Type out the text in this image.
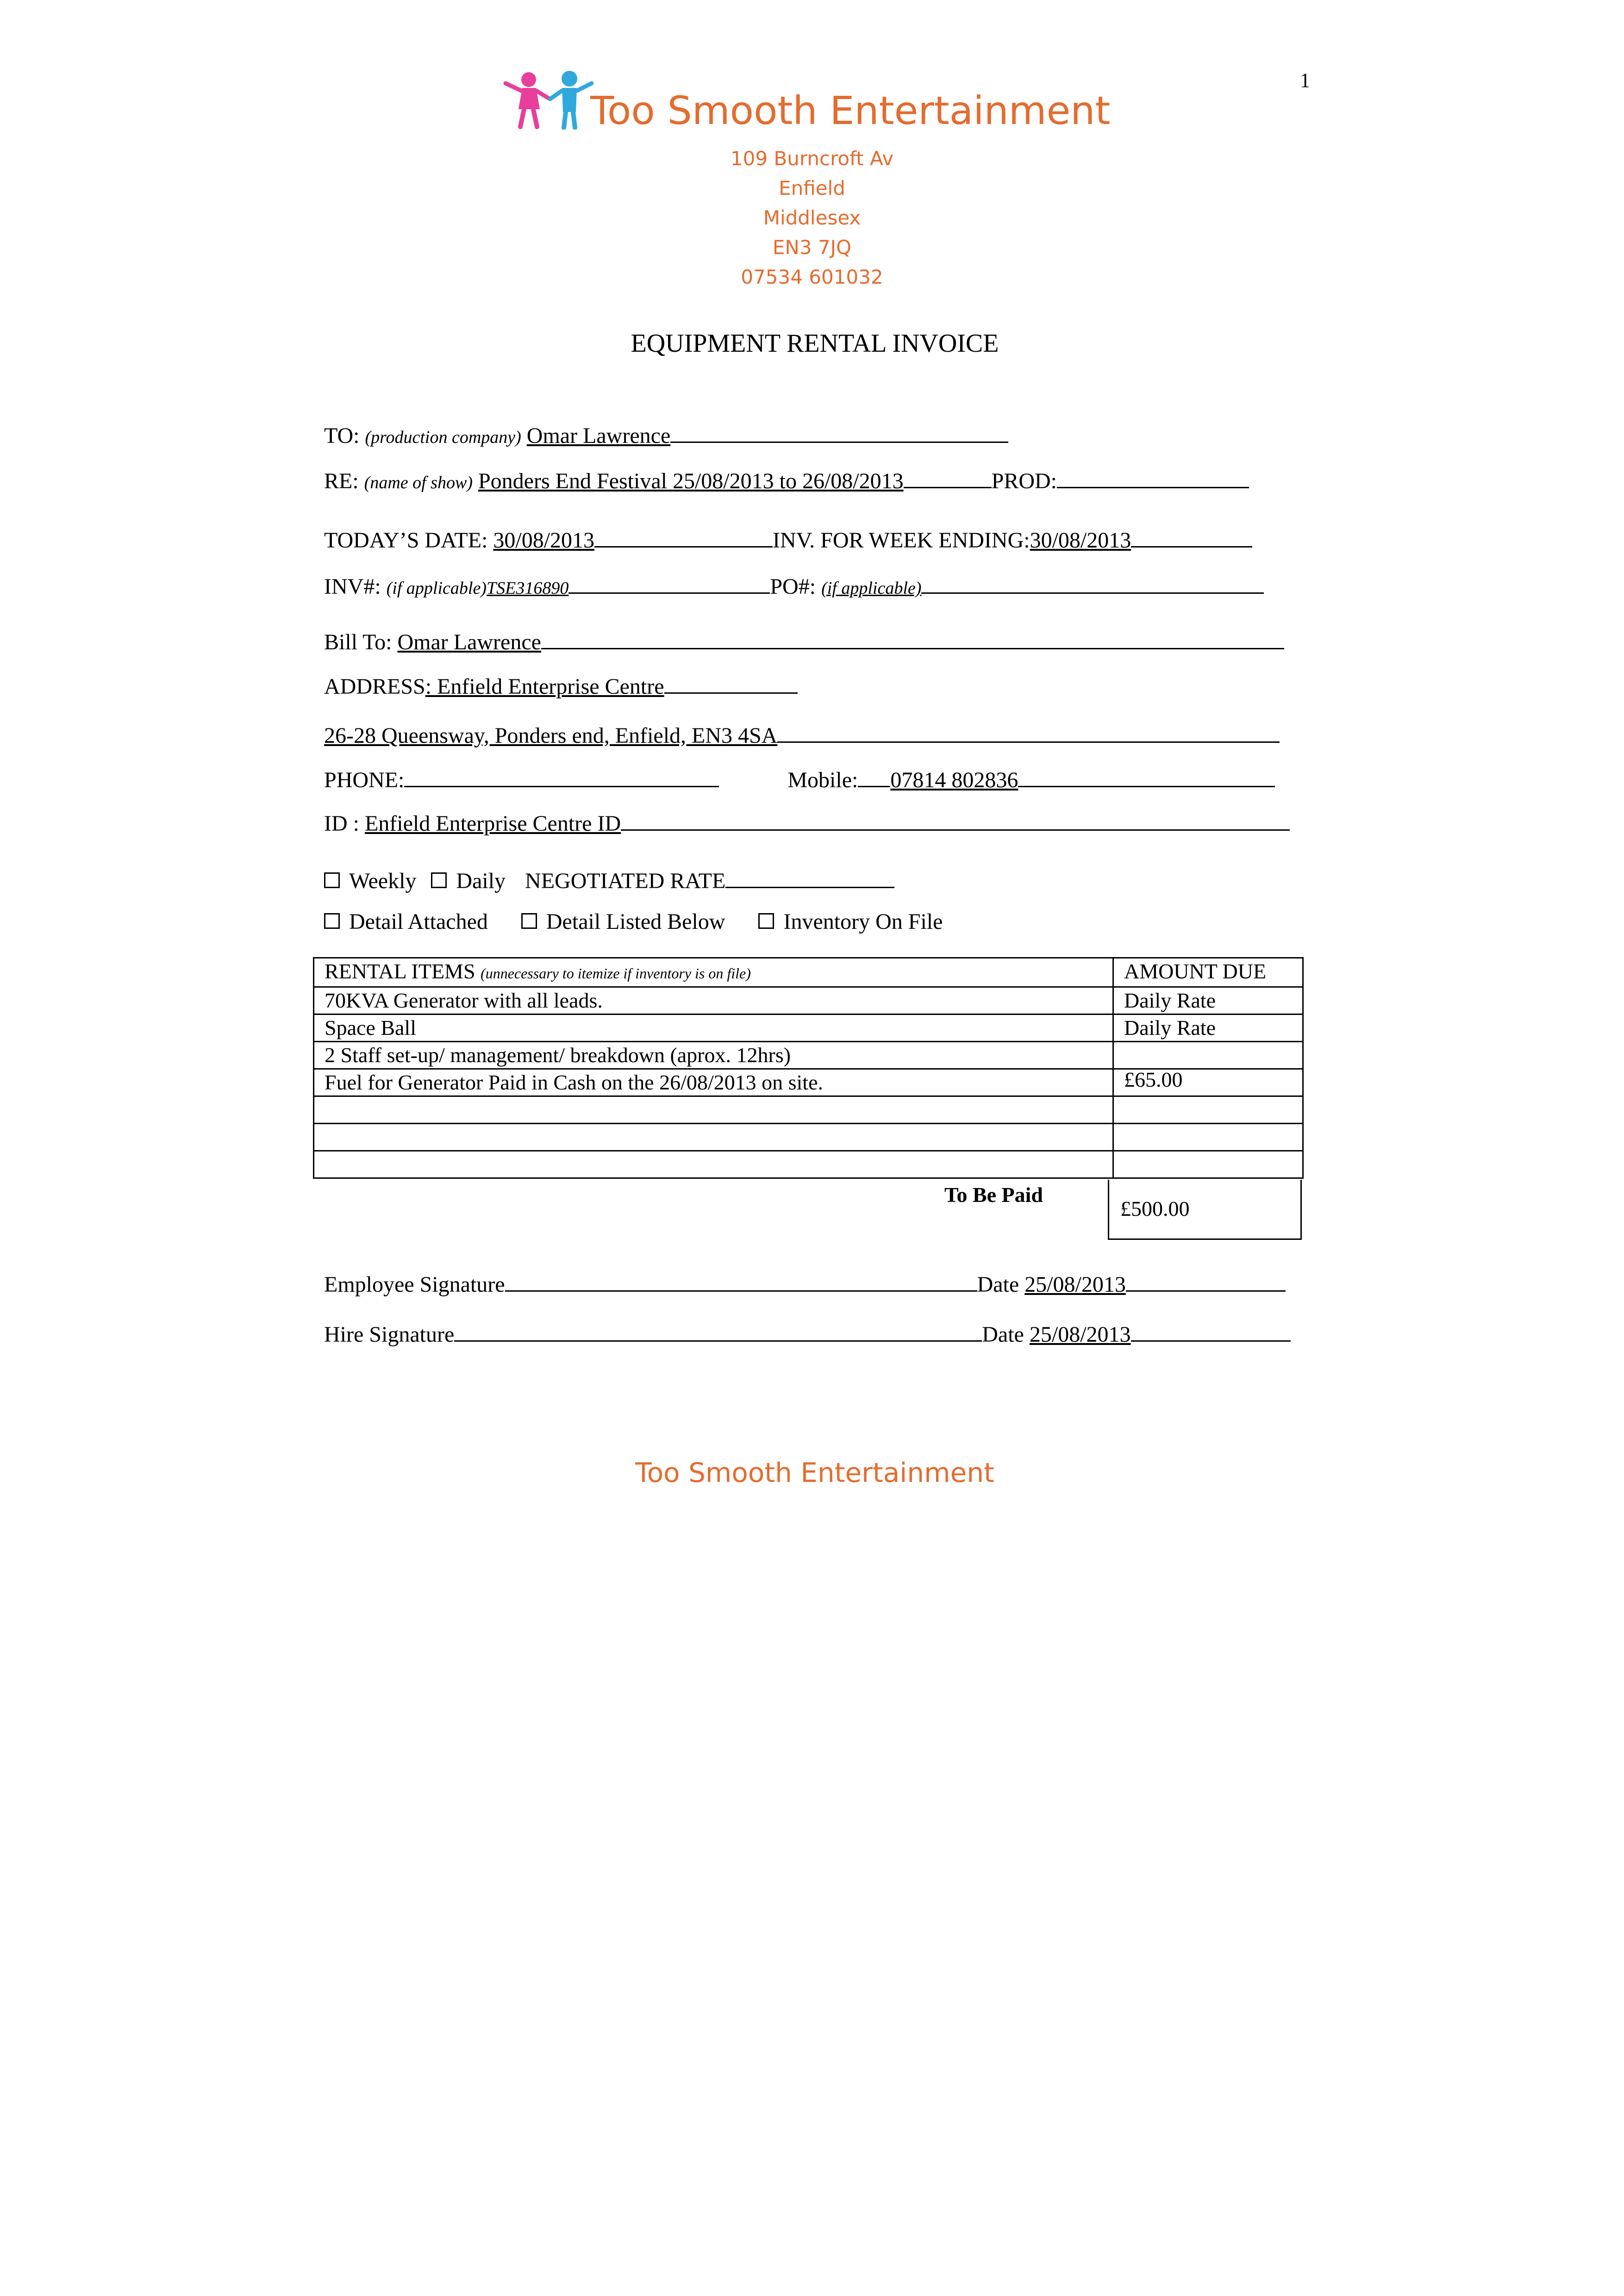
1
Too Smooth Entertainment
109 Burncroft Av
Enfield
Middlesex
EN3 7JQ
07534 601032
EQUIPMENT RENTAL INVOICE
TO: (production company) Omar Lawrence
RE: (name of show) Ponders End Festival 25/08/2013 to 26/08/2013	PROD:
TODAY’S DATE: 30/08/2013	INV. FOR WEEK ENDING:30/08/2013
INV#: (if applicable)TSE316890	PO#: (if applicable)
Bill To: Omar Lawrence
ADDRESS: Enfield Enterprise Centre
26-28 Queensway, Ponders end, Enfield, EN3 4SA
PHONE:	Mobile: 07814 802836
ID : Enfield Enterprise Centre ID
Weekly Daily NEGOTIATED RATE
Detail Attached	Detail Listed Below	Inventory On File
RENTAL ITEMS (unnecessary to itemize if inventory is on file)	AMOUNT DUE
70KVA Generator with all leads.	Daily Rate
Space Ball	Daily Rate
2 Staff set-up/ management/ breakdown (aprox. 12hrs)	
Fuel for Generator Paid in Cash on the 26/08/2013 on site.	£65.00

To Be Paid
£500.00
Employee Signature	Date 25/08/2013
Hire Signature	Date 25/08/2013
Too Smooth Entertainment
